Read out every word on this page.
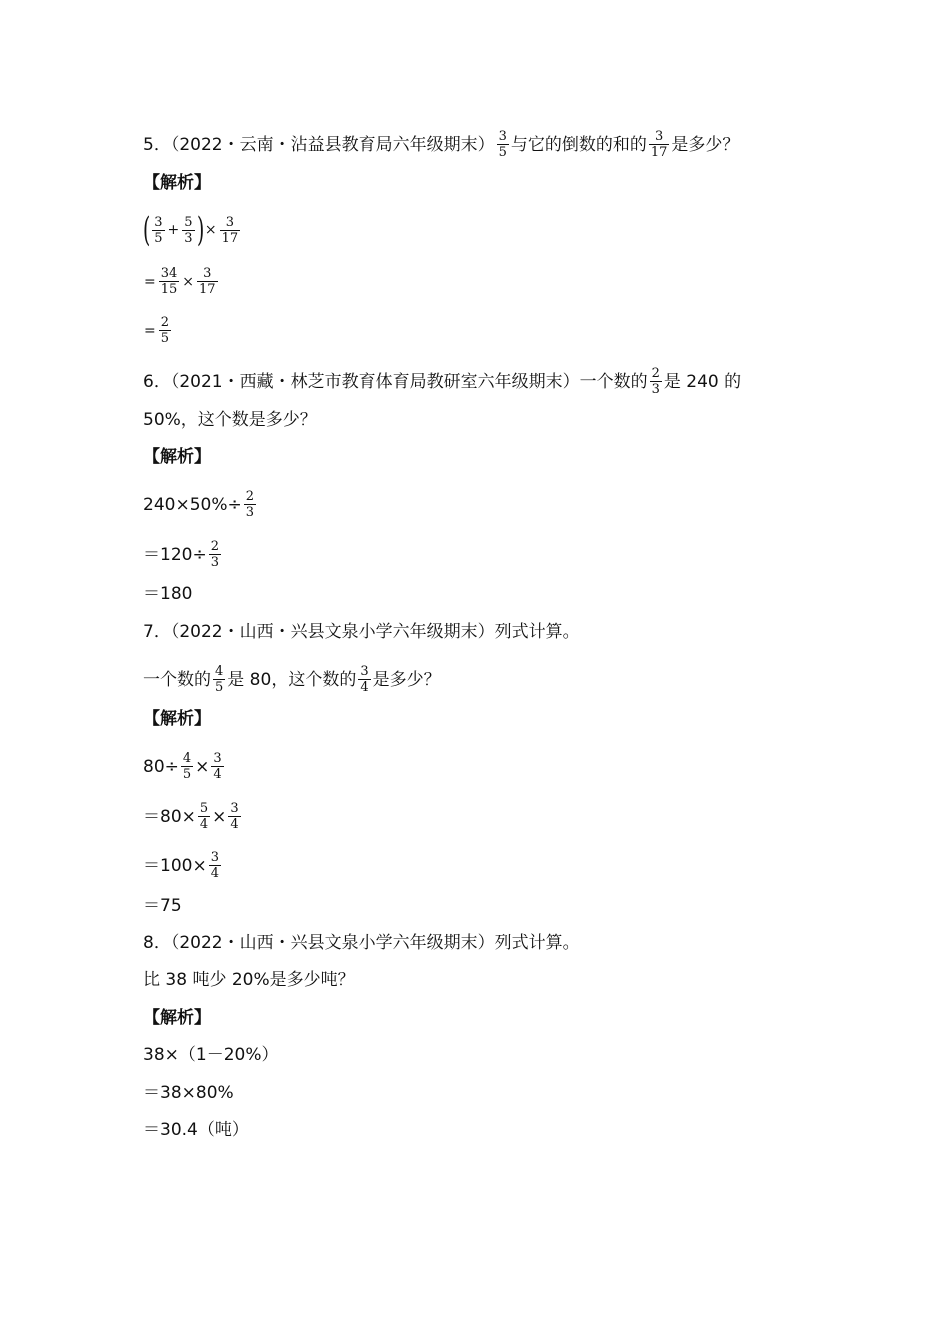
5．（2022・云南・沾益县教育局六年级期末） $\frac{3}{5}$ 与它的倒数的和的 $\frac{3}{17}$ 是多少？
【解析】
( $\frac{3}{5} + \frac{5}{3}$ ) × $\frac{3}{17}$
= $\frac{34}{15} \times \frac{3}{17}$
= $\frac{2}{5}$
6．（2021・西藏・林芝市教育体育局教研室六年级期末）一个数的 $\frac{2}{3}$ 是 240 的
50%，这个数是多少？
【解析】
$240\times 50\%\div \frac{2}{3}$
$=120\div \frac{2}{3}$
＝180
7．（2022・山西・兴县文泉小学六年级期末）列式计算。
一个数的 $\frac{4}{5}$ 是 80，这个数的 $\frac{3}{4}$ 是多少？
【解析】
$80\div \frac{4}{5} \times \frac{3}{4}$
$=80\times \frac{5}{4} \times \frac{3}{4}$
$=100\times \frac{3}{4}$
＝75
8．（2022・山西・兴县文泉小学六年级期末）列式计算。
比 38 吨少 20%是多少吨？
【解析】
38×（1－20%）
＝38×80%
＝30.4（吨）
